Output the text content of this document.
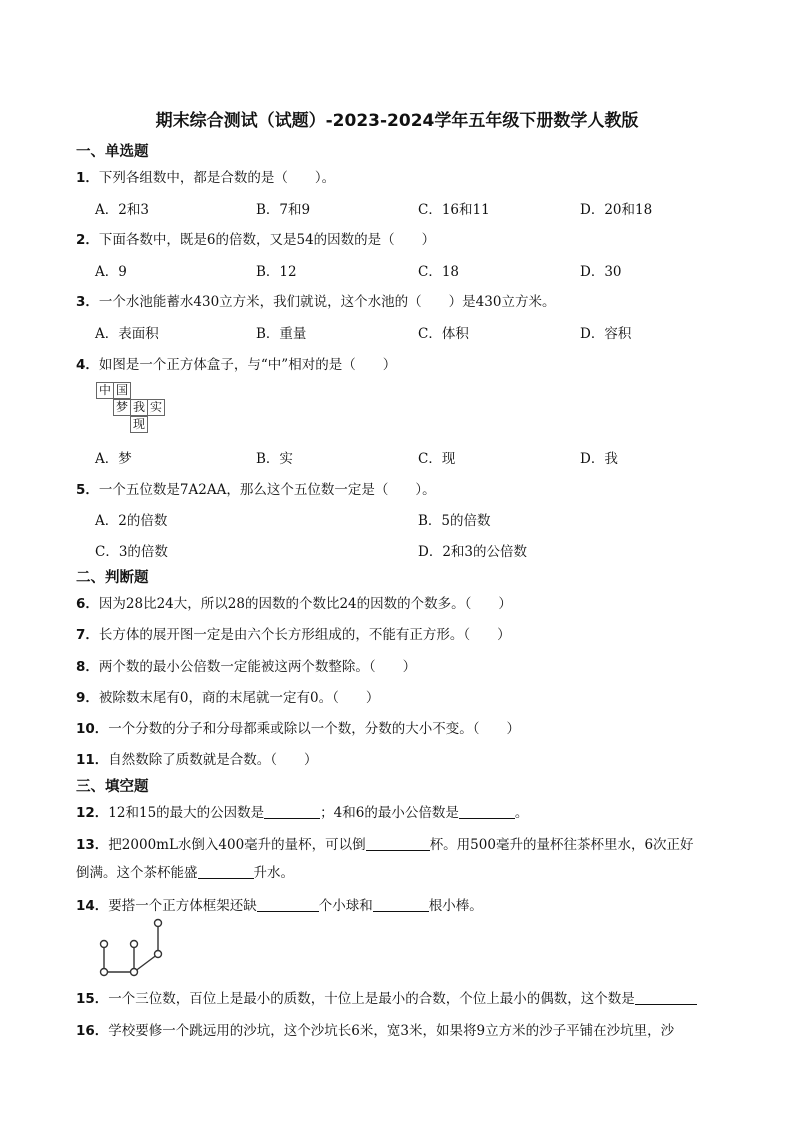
期末综合测试（试题）-2023-2024学年五年级下册数学人教版
一、单选题
1．下列各组数中，都是合数的是（　　）。
A．2和3	B．7和9	C．16和11	D．20和18
2．下面各数中，既是6的倍数，又是54的因数的是（　　）
A．9	B．12	C．18	D．30
3．一个水池能蓄水430立方米，我们就说，这个水池的（　　）是430立方米。
A．表面积	B．重量	C．体积	D．容积
4．如图是一个正方体盒子，与“中”相对的是（　　）
中 国
梦 我 实
现
A．梦	B．实	C．现	D．我
5．一个五位数是7A2AA，那么这个五位数一定是（　　）。
A．2的倍数	B．5的倍数
C．3的倍数	D．2和3的公倍数
二、判断题
6．因为28比24大，所以28的因数的个数比24的因数的个数多。（　　）
7．长方体的展开图一定是由六个长方形组成的，不能有正方形。（　　）
8．两个数的最小公倍数一定能被这两个数整除。（　　）
9．被除数末尾有0，商的末尾就一定有0。（　　）
10．一个分数的分子和分母都乘或除以一个数，分数的大小不变。（　　）
11．自然数除了质数就是合数。（　　）
三、填空题
12．12和15的最大的公因数是	；4和6的最小公倍数是	。
13．把2000mL水倒入400毫升的量杯，可以倒	杯。用500毫升的量杯往茶杯里水，6次正好
倒满。这个茶杯能盛	升水。
14．要搭一个正方体框架还缺	个小球和	根小棒。
15．一个三位数，百位上是最小的质数，十位上是最小的合数，个位上最小的偶数，这个数是
16．学校要修一个跳远用的沙坑，这个沙坑长6米，宽3米，如果将9立方米的沙子平铺在沙坑里，沙
